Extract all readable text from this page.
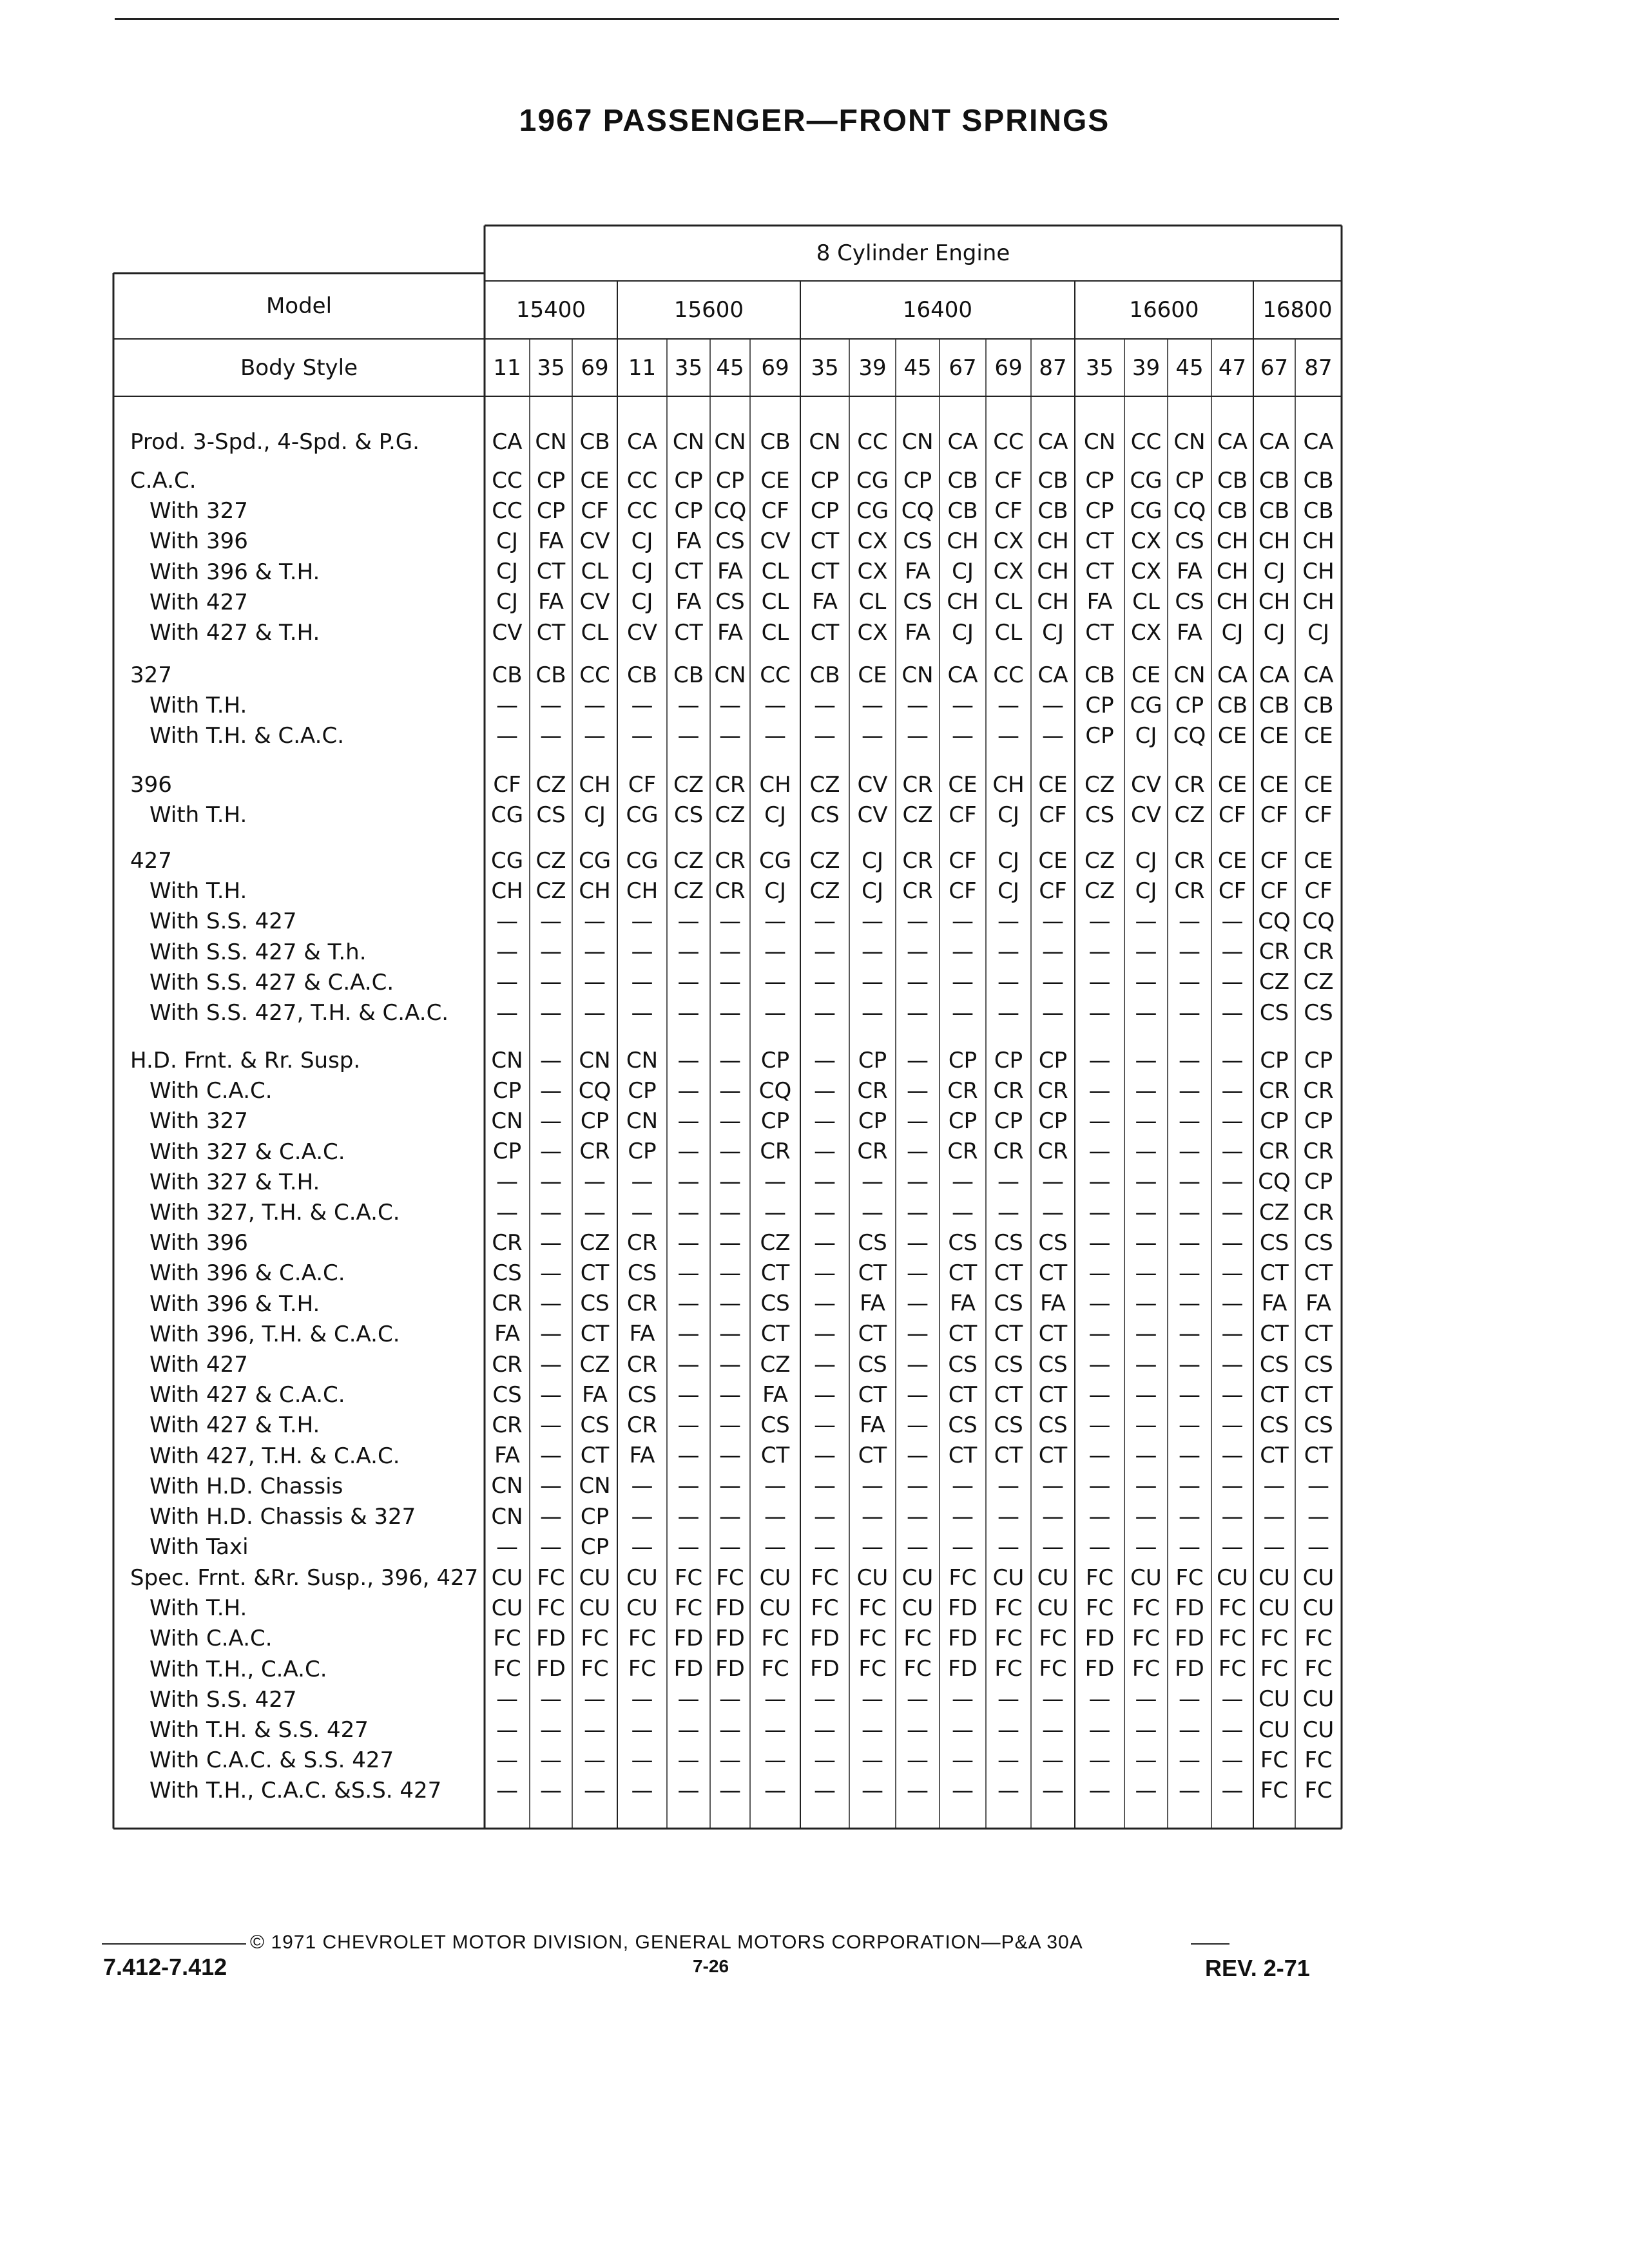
1967 PASSENGER—FRONT SPRINGS
8 Cylinder Engine
Model
Body Style
15400	15600	16400	16600	16800
11 35 69 11 35 45 69 35 39 45 67 69 87 35 39 45 47 67 87
Prod. 3-Spd., 4-Spd. & P.G.	CA CN CB CA CN CN CB CN CC CN CA CC CA CN CC CN CA CA CA
C.A.C.	CC CP CE CC CP CP CE CP CG CP CB CF CB CP CG CP CB CB CB
With 327	CC CP CF CC CP CQ CF CP CG CQ CB CF CB CP CG CQ CB CB CB
With 396	CJ FA CV CJ	FA CS CV CT CX CS CH CX CH CT CX CS CH CH CH
With 396 & T.H.	CJ CT CL	CJ CT FA CL CT CX FA CJ CX CH CT CX FA CH CJ CH
With 427	CJ FA CV CJ	FA CS CL	FA CL CS CH CL CH FA CL CS CH CH CH
With 427 & T.H.	CV CT CL CV CT FA CL CT CX FA CJ CL CJ CT CX FA CJ CJ	CJ
327	CB CB CC CB CB CN CC CB CE CN CA CC CA CB CE CN CA CA CA
With T.H.	—	—	—	—	— —	—	—	—	—	—	—	— CP CG CP CB CB CB
With T.H. & C.A.C.	—	—	—	—	— —	—	—	—	—	—	—	— CP CJ CQ CE CE CE
396	CF CZ CH CF CZ CR CH CZ CV CR CE CH CE CZ CV CR CE CE CE
With T.H.	CG CS CJ CG CS CZ CJ	CS CV CZ CF CJ CF CS CV CZ CF CF CF
427	CG CZ CG CG CZ CR CG CZ CJ CR CF CJ CE CZ CJ CR CE CF CE
With T.H.	CH CZ CH CH CZ CR CJ	CZ CJ CR CF CJ CF CZ CJ CR CF CF CF
With S.S. 427	—	—	—	—	— —	—	—	—	—	—	—	—	—	— — — CQ CQ
With S.S. 427 & T.h.	—	—	—	—	— —	—	—	—	—	—	—	—	—	— — — CR CR
With S.S. 427 & C.A.C.	—	—	—	—	— —	—	—	—	—	—	—	—	—	— — — CZ CZ
With S.S. 427, T.H. & C.A.C.	—	—	—	—	— —	—	—	—	—	—	—	—	—	— — — CS CS
H.D. Frnt. & Rr. Susp.	CN — CN CN — — CP	—	CP — CP CP CP —	— — — CP CP
With C.A.C.	CP — CQ CP — — CQ	— CR — CR CR CR —	— — — CR CR
With 327	CN — CP CN — — CP	—	CP — CP CP CP —	— — — CP CP
With 327 & C.A.C.	CP — CR CP — — CR	— CR — CR CR CR —	— — — CR CR
With 327 & T.H.	—	—	—	—	— —	—	—	—	—	—	—	—	—	— — — CQ CP
With 327, T.H. & C.A.C.	—	—	—	—	— —	—	—	—	—	—	—	—	—	— — — CZ CR
With 396	CR — CZ CR — — CZ	—	CS — CS CS CS —	— — — CS CS
With 396 & C.A.C.	CS — CT CS — — CT	—	CT — CT CT CT —	— — — CT CT
With 396 & T.H.	CR — CS CR — — CS	—	FA — FA CS FA	—	— — — FA FA
With 396, T.H. & C.A.C.	FA — CT FA	— — CT	—	CT — CT CT CT —	— — — CT CT
With 427	CR — CZ CR — — CZ	—	CS — CS CS CS —	— — — CS CS
With 427 & C.A.C.	CS — FA CS — — FA	—	CT — CT CT CT —	— — — CT CT
With 427 & T.H.	CR — CS CR — — CS	—	FA — CS CS CS —	— — — CS CS
With 427, T.H. & C.A.C.	FA — CT FA	— — CT	—	CT — CT CT CT —	— — — CT CT
With H.D. Chassis	CN — CN —	— —	—	—	—	—	—	—	—	—	— — — —	—
With H.D. Chassis & 327	CN — CP	—	— —	—	—	—	—	—	—	—	—	— — — —	—
With Taxi	—	— CP	—	— —	—	—	—	—	—	—	—	—	— — — —	—
Spec. Frnt. &Rr. Susp., 396, 427 CU FC CU CU FC FC CU FC CU CU FC CU CU FC CU FC CU CU CU
With T.H.	CU FC CU CU FC FD CU FC FC CU FD FC CU FC FC FD FC CU CU
With C.A.C.	FC FD FC FC FD FD FC FD FC FC FD FC FC FD FC FD FC FC FC
With T.H., C.A.C.	FC FD FC FC FD FD FC FD FC FC FD FC FC FD FC FD FC FC FC
With S.S. 427	—	—	—	—	— —	—	—	—	—	—	—	—	—	— — — CU CU
With T.H. & S.S. 427	—	—	—	—	— —	—	—	—	—	—	—	—	—	— — — CU CU
With C.A.C. & S.S. 427	—	—	—	—	— —	—	—	—	—	—	—	—	—	— — — FC FC
With T.H., C.A.C. &S.S. 427	—	—	—	—	— —	—	—	—	—	—	—	—	—	— — — FC FC
© 1971 CHEVROLET MOTOR DIVISION, GENERAL MOTORS CORPORATION—P&A 30A
7.412-7.412	7-26	REV. 2-71
